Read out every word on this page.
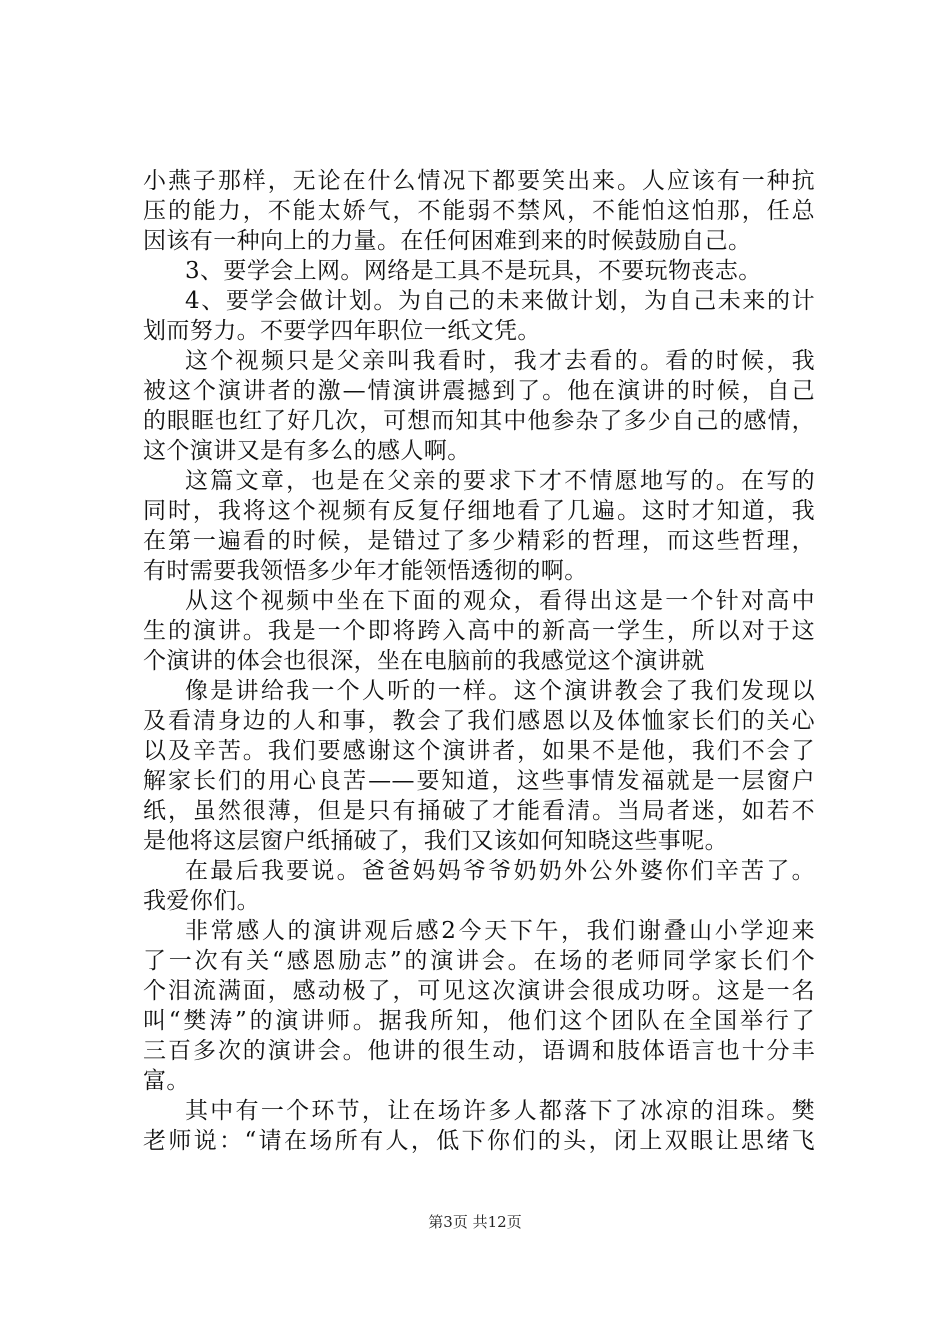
小燕子那样，无论在什么情况下都要笑出来。人应该有一种抗
压的能力，不能太娇气，不能弱不禁风，不能怕这怕那，任总
因该有一种向上的力量。在任何困难到来的时候鼓励自己。
3、要学会上网。网络是工具不是玩具，不要玩物丧志。
4、要学会做计划。为自己的未来做计划，为自己未来的计
划而努力。不要学四年职位一纸文凭。
这个视频只是父亲叫我看时，我才去看的。看的时候，我
被这个演讲者的激—情演讲震撼到了。他在演讲的时候，自己
的眼眶也红了好几次，可想而知其中他参杂了多少自己的感情，
这个演讲又是有多么的感人啊。
这篇文章，也是在父亲的要求下才不情愿地写的。在写的
同时，我将这个视频有反复仔细地看了几遍。这时才知道，我
在第一遍看的时候，是错过了多少精彩的哲理，而这些哲理，
有时需要我领悟多少年才能领悟透彻的啊。
从这个视频中坐在下面的观众，看得出这是一个针对高中
生的演讲。我是一个即将跨入高中的新高一学生，所以对于这
个演讲的体会也很深，坐在电脑前的我感觉这个演讲就
像是讲给我一个人听的一样。这个演讲教会了我们发现以
及看清身边的人和事，教会了我们感恩以及体恤家长们的关心
以及辛苦。我们要感谢这个演讲者，如果不是他，我们不会了
解家长们的用心良苦——要知道，这些事情发福就是一层窗户
纸，虽然很薄，但是只有捅破了才能看清。当局者迷，如若不
是他将这层窗户纸捅破了，我们又该如何知晓这些事呢。
在最后我要说。爸爸妈妈爷爷奶奶外公外婆你们辛苦了。
我爱你们。
非常感人的演讲观后感2今天下午，我们谢叠山小学迎来
了一次有关“感恩励志”的演讲会。在场的老师同学家长们个
个泪流满面，感动极了，可见这次演讲会很成功呀。这是一名
叫“樊涛”的演讲师。据我所知，他们这个团队在全国举行了
三百多次的演讲会。他讲的很生动，语调和肢体语言也十分丰
富。
其中有一个环节，让在场许多人都落下了冰凉的泪珠。樊
老师说：“请在场所有人，低下你们的头，闭上双眼让思绪飞
第3页 共12页
